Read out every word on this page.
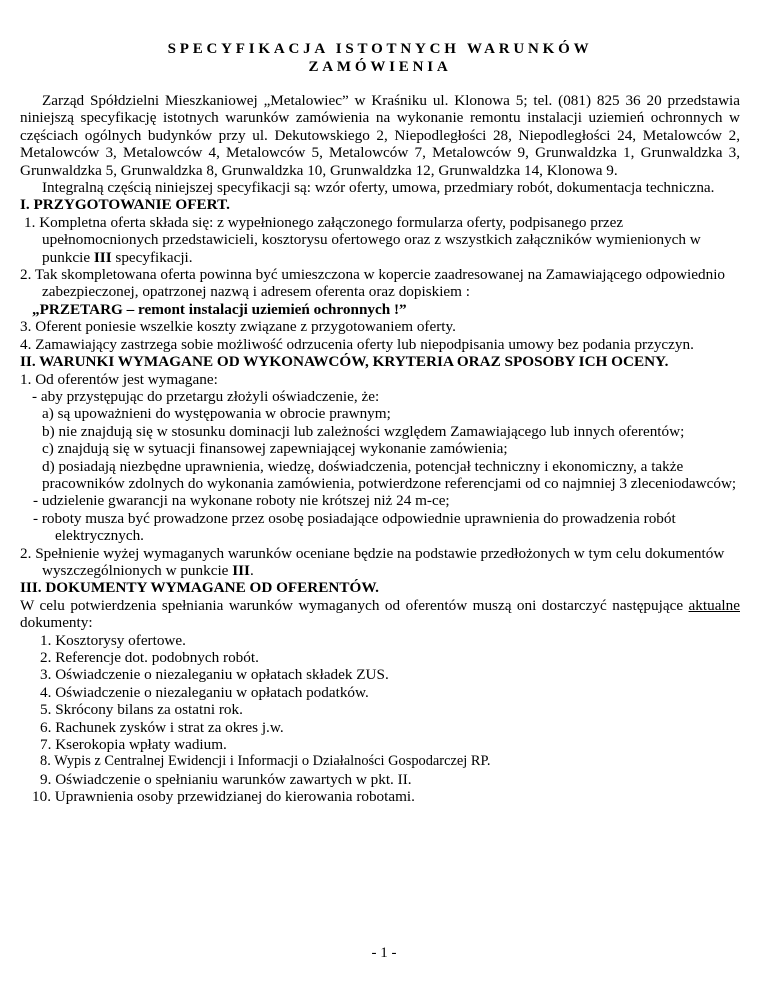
SPECYFIKACJA ISTOTNYCH WARUNKÓW
ZAMÓWIENIA

Zarząd Spółdzielni Mieszkaniowej „Metalowiec” w Kraśniku ul. Klonowa 5; tel. (081) 825 36 20 przedstawia niniejszą specyfikację istotnych warunków zamówienia na wykonanie remontu instalacji uziemień ochronnych w częściach ogólnych budynków przy ul. Dekutowskiego 2, Niepodległości 28, Niepodległości 24, Metalowców 2, Metalowców 3, Metalowców 4, Metalowców 5, Metalowców 7, Metalowców 9, Grunwaldzka 1, Grunwaldzka 3, Grunwaldzka 5, Grunwaldzka 8, Grunwaldzka 10, Grunwaldzka 12, Grunwaldzka 14, Klonowa 9.

Integralną częścią niniejszej specyfikacji są: wzór oferty, umowa, przedmiary robót, dokumentacja techniczna.

I. PRZYGOTOWANIE OFERT.

1. Kompletna oferta składa się: z wypełnionego załączonego formularza oferty, podpisanego przez upełnomocnionych przedstawicieli, kosztorysu ofertowego oraz z wszystkich załączników wymienionych w punkcie III specyfikacji.

2. Tak skompletowana oferta powinna być umieszczona w kopercie zaadresowanej na Zamawiającego odpowiednio zabezpieczonej, opatrzonej nazwą i adresem oferenta oraz dopiskiem :

„PRZETARG – remont instalacji uziemień ochronnych !”

3. Oferent poniesie wszelkie koszty związane z przygotowaniem oferty.

4. Zamawiający zastrzega sobie możliwość odrzucenia oferty lub niepodpisania umowy bez podania przyczyn.

II. WARUNKI WYMAGANE OD WYKONAWCÓW, KRYTERIA ORAZ SPOSOBY ICH OCENY.

1. Od oferentów jest wymagane:

- aby przystępując do przetargu złożyli oświadczenie, że:

a) są upoważnieni do występowania w obrocie prawnym;

b) nie znajdują się w stosunku dominacji lub zależności względem Zamawiającego lub innych oferentów;

c) znajdują się w sytuacji finansowej zapewniającej wykonanie zamówienia;

d) posiadają niezbędne uprawnienia, wiedzę, doświadczenia, potencjał techniczny i ekonomiczny, a także pracowników zdolnych do wykonania zamówienia, potwierdzone referencjami od co najmniej 3 zleceniodawców;

- udzielenie gwarancji na wykonane roboty nie krótszej niż 24 m-ce;

- roboty musza być prowadzone przez osobę posiadające odpowiednie uprawnienia do prowadzenia robót elektrycznych.

2. Spełnienie wyżej wymaganych warunków oceniane będzie na podstawie przedłożonych w tym celu dokumentów wyszczególnionych w punkcie III.

III. DOKUMENTY WYMAGANE OD OFERENTÓW.

W celu potwierdzenia spełniania warunków wymaganych od oferentów muszą oni dostarczyć następujące aktualne dokumenty:

1. Kosztorysy ofertowe.

2. Referencje dot. podobnych robót.

3. Oświadczenie o niezaleganiu w opłatach składek ZUS.

4. Oświadczenie o niezaleganiu w opłatach podatków.

5. Skrócony bilans za ostatni rok.

6. Rachunek zysków i strat za okres j.w.

7. Kserokopia wpłaty wadium.

8. Wypis z Centralnej Ewidencji i Informacji o Działalności Gospodarczej RP.

9. Oświadczenie o spełnianiu warunków zawartych w pkt. II.

10. Uprawnienia osoby przewidzianej do kierowania robotami.

- 1 -
